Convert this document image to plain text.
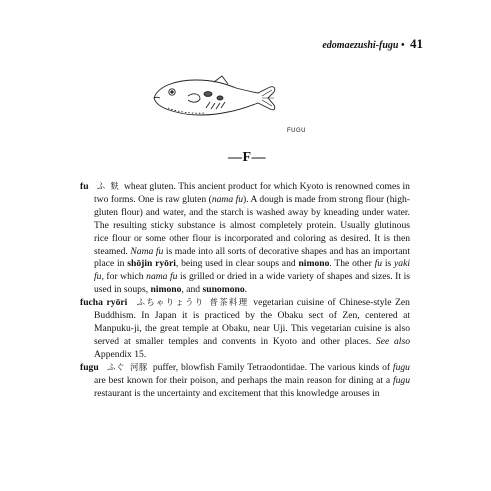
edomaezushi-fugu • 41
FUGU
—F—

fu ふ 麩 wheat gluten. This ancient product for which Kyoto is renowned comes in two forms. One is raw gluten (nama fu). A dough is made from strong flour (high-gluten flour) and water, and the starch is washed away by kneading under water. The resulting sticky substance is almost completely protein. Usually glutinous rice flour or some other flour is incorporated and coloring as desired. It is then steamed. Nama fu is made into all sorts of decorative shapes and has an important place in shōjin ryōri, being used in clear soups and nimono. The other fu is yaki fu, for which nama fu is grilled or dried in a wide variety of shapes and sizes. It is used in soups, nimono, and sunomono.

fucha ryōri ふちゃりょうり 普茶料理 vegetarian cuisine of Chinese-style Zen Buddhism. In Japan it is practiced by the Obaku sect of Zen, centered at Manpuku-ji, the great temple at Obaku, near Uji. This vegetarian cuisine is also served at smaller temples and convents in Kyoto and other places. See also Appendix 15.

fugu ふぐ 河豚 puffer, blowfish Family Tetraodontidae. The various kinds of fugu are best known for their poison, and perhaps the main reason for dining at a fugu restaurant is the uncertainty and excitement that this knowledge arouses in
